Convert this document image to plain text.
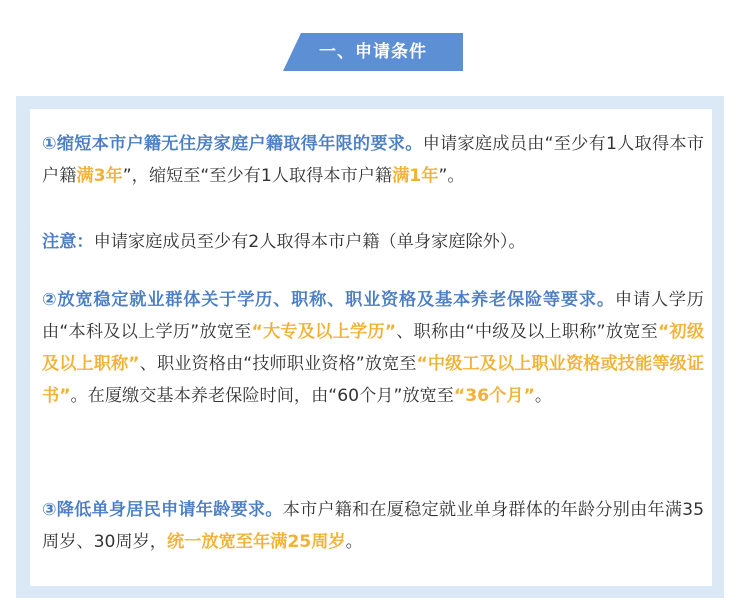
一、申请条件

①缩短本市户籍无住房家庭户籍取得年限的要求。申请家庭成员由“至少有1人取得本市户籍满3年”，缩短至“至少有1人取得本市户籍满1年”。

注意：申请家庭成员至少有2人取得本市户籍（单身家庭除外）。

②放宽稳定就业群体关于学历、职称、职业资格及基本养老保险等要求。申请人学历由“本科及以上学历”放宽至“大专及以上学历”、职称由“中级及以上职称”放宽至“初级及以上职称”、职业资格由“技师职业资格”放宽至“中级工及以上职业资格或技能等级证书”。在厦缴交基本养老保险时间，由“60个月”放宽至“36个月”。

③降低单身居民申请年龄要求。本市户籍和在厦稳定就业单身群体的年龄分别由年满35周岁、30周岁，统一放宽至年满25周岁。
